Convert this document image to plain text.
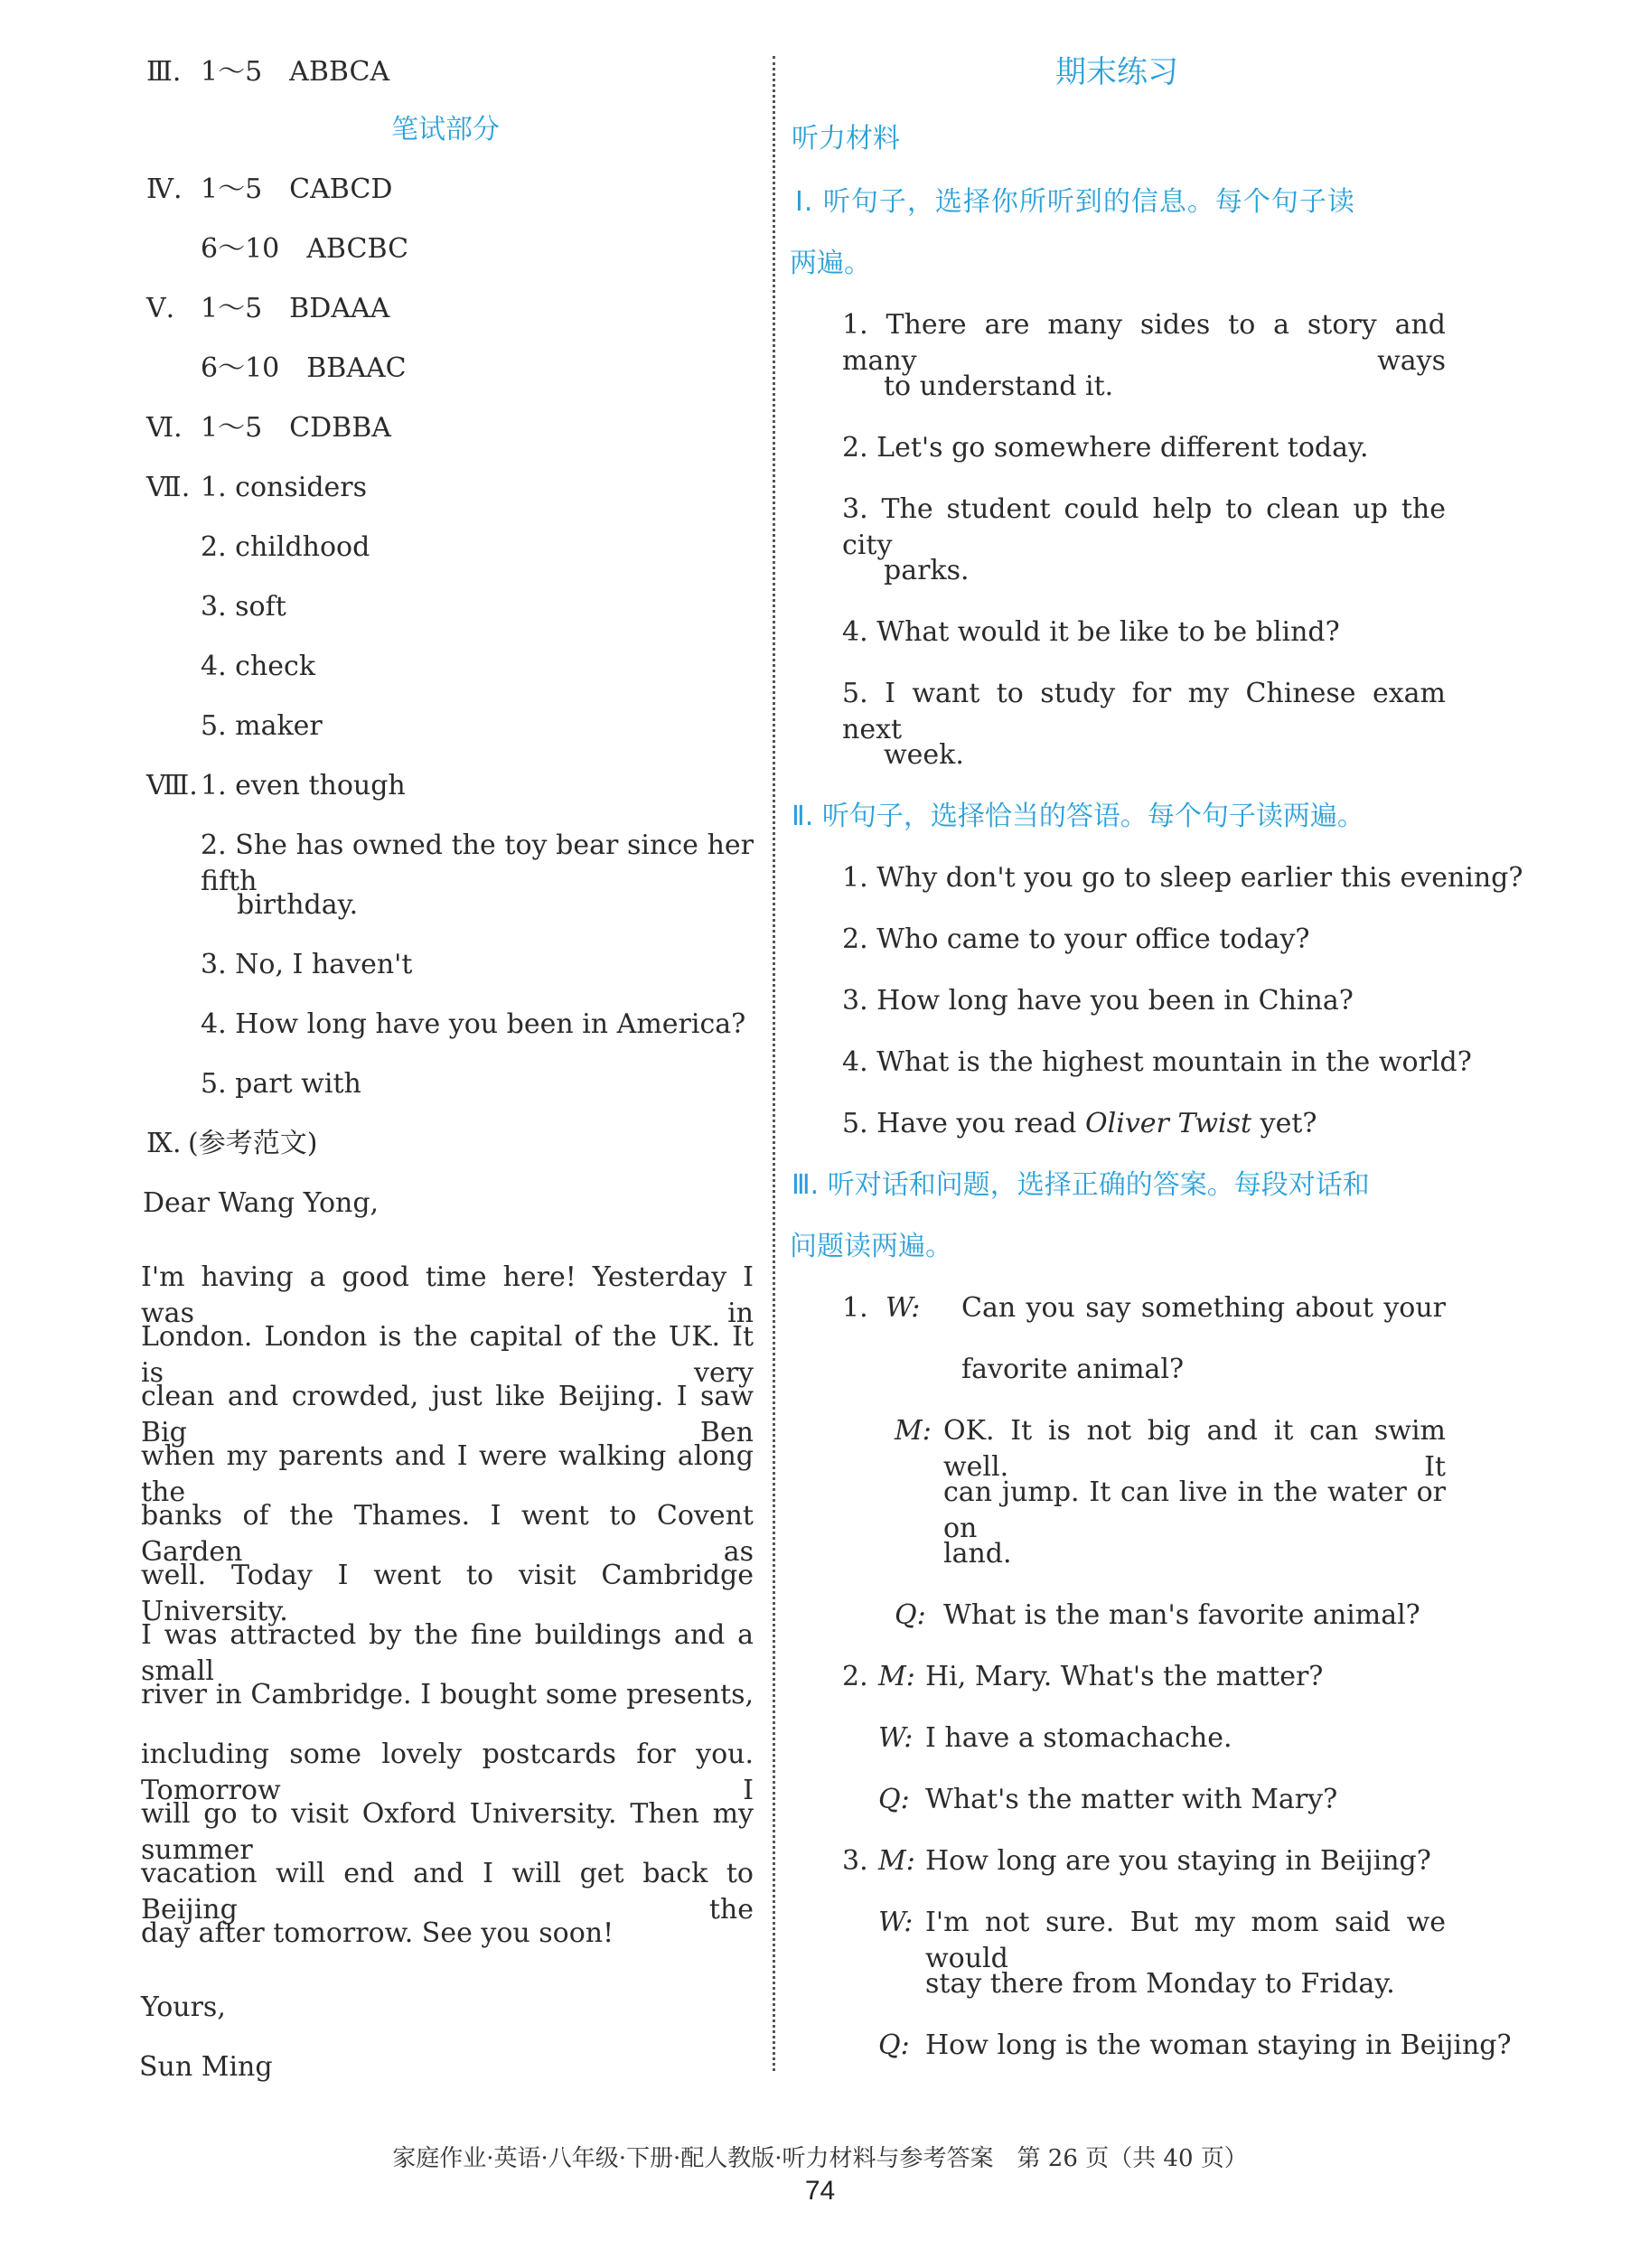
Ⅲ. 1～5　ABBCA
笔试部分
Ⅳ. 1～5　CABCD
6～10　ABCBC
Ⅴ. 1～5　BDAAA
6～10　BBAAC
Ⅵ. 1～5　CDBBA
Ⅶ. 1. considers
2. childhood
3. soft
4. check
5. maker
Ⅷ. 1. even though
2. She has owned the toy bear since her fifth
birthday.
3. No, I haven't
4. How long have you been in America?
5. part with
Ⅸ. (参考范文)
Dear Wang Yong,
I'm having a good time here! Yesterday I was in
London. London is the capital of the UK. It is very
clean and crowded, just like Beijing. I saw Big Ben
when my parents and I were walking along the
banks of the Thames. I went to Covent Garden as
well. Today I went to visit Cambridge University.
I was attracted by the fine buildings and a small
river in Cambridge. I bought some presents,
including some lovely postcards for you. Tomorrow I
will go to visit Oxford University. Then my summer
vacation will end and I will get back to Beijing the
day after tomorrow. See you soon!
Yours,
Sun Ming
期末练习
听力材料
Ⅰ. 听句子，选择你所听到的信息。每个句子读
两遍。
1. There are many sides to a story and many ways
to understand it.
2. Let's go somewhere different today.
3. The student could help to clean up the city
parks.
4. What would it be like to be blind?
5. I want to study for my Chinese exam next
week.
Ⅱ. 听句子，选择恰当的答语。每个句子读两遍。
1. Why don't you go to sleep earlier this evening?
2. Who came to your office today?
3. How long have you been in China?
4. What is the highest mountain in the world?
5. Have you read Oliver Twist yet?
Ⅲ. 听对话和问题，选择正确的答案。每段对话和
问题读两遍。
1. W: Can you say something about your
favorite animal?
M: OK. It is not big and it can swim well. It
can jump. It can live in the water or on
land.
Q: What is the man's favorite animal?
2. M: Hi, Mary. What's the matter?
W: I have a stomachache.
Q: What's the matter with Mary?
3. M: How long are you staying in Beijing?
W: I'm not sure. But my mom said we would
stay there from Monday to Friday.
Q: How long is the woman staying in Beijing?
家庭作业·英语·八年级·下册·配人教版·听力材料与参考答案　第 26 页（共 40 页）
74
